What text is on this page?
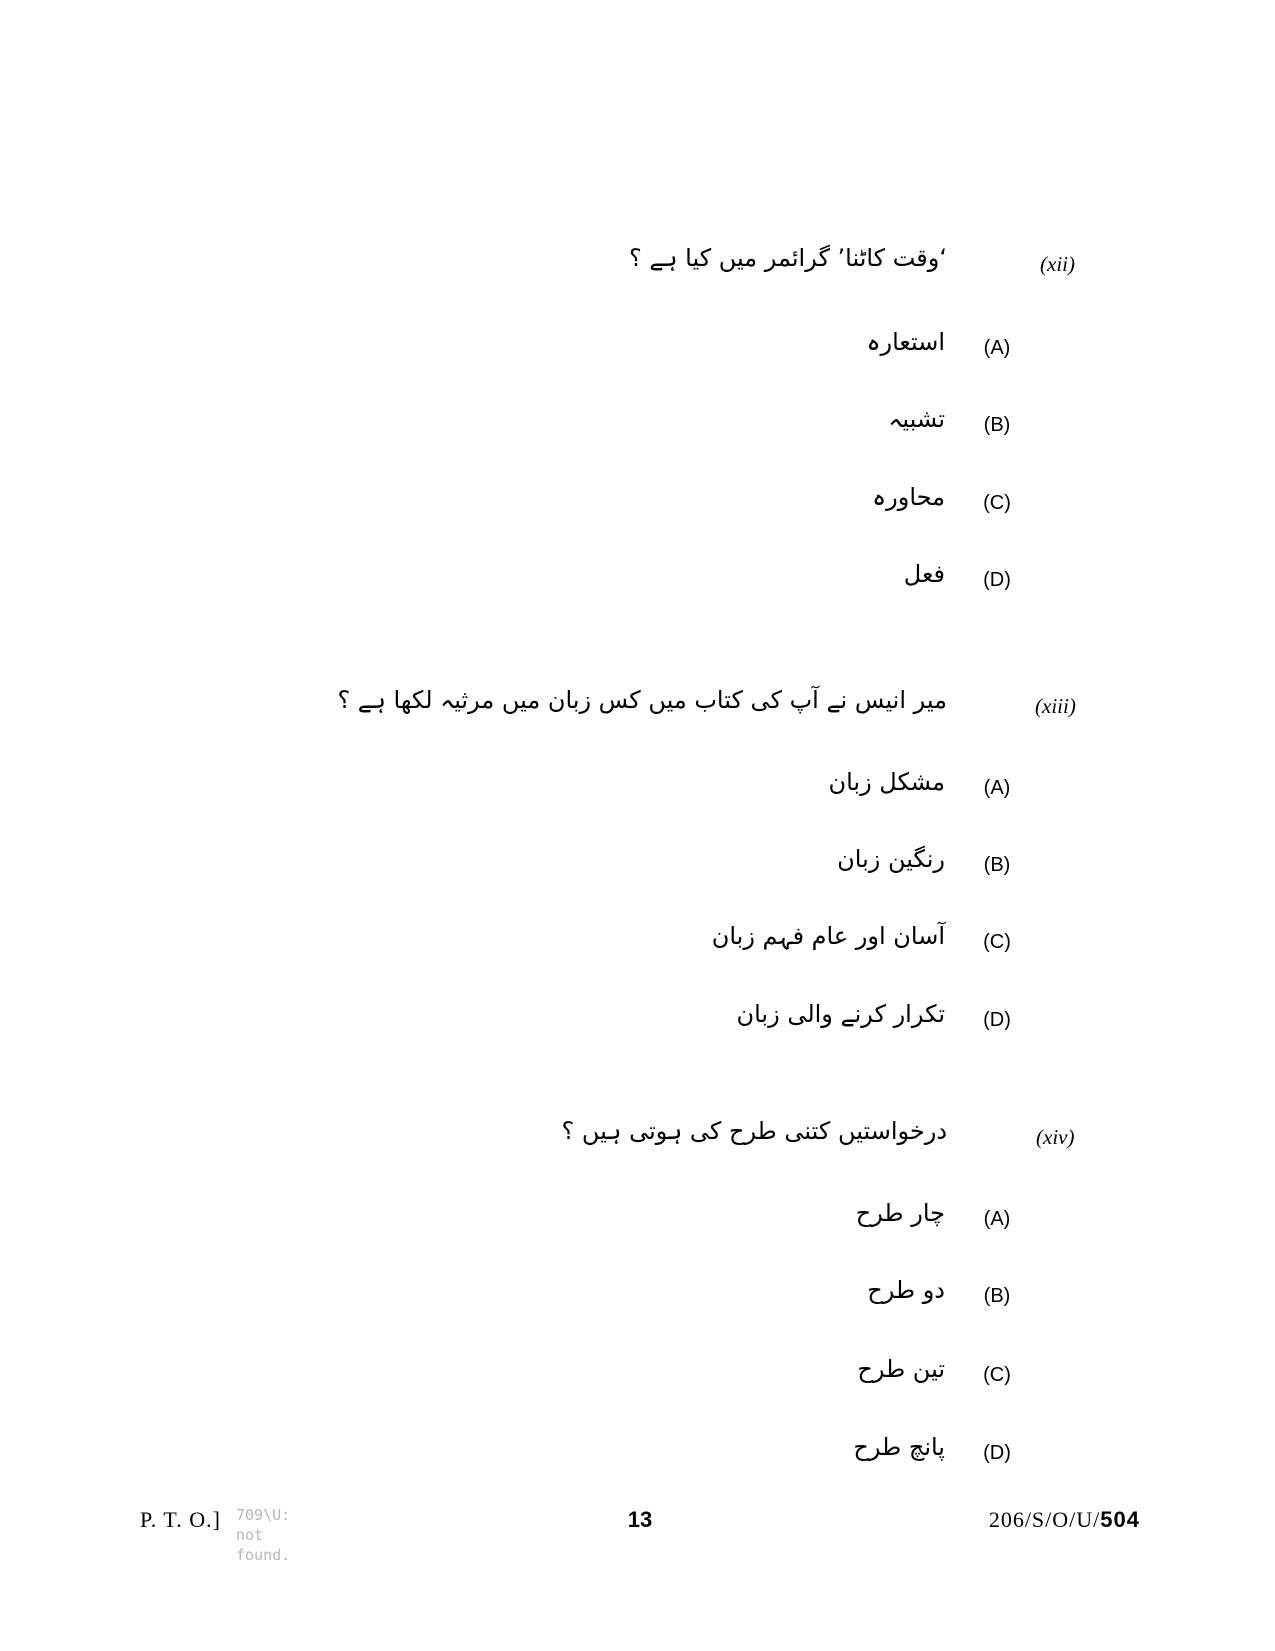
(xii)
‘وقت کاٹنا’ گرائمر میں کیا ہے ؟
(A)
استعارہ
(B)
تشبیہ
(C)
محاورہ
(D)
فعل
(xiii)
میر انیس نے آپ کی کتاب میں کس زبان میں مرثیہ لکھا ہے ؟
(A)
مشکل زبان
(B)
رنگین زبان
(C)
آسان اور عام فہم زبان
(D)
تکرار کرنے والی زبان
(xiv)
درخواستیں کتنی طرح کی ہوتی ہیں ؟
(A)
چار طرح
(B)
دو طرح
(C)
تین طرح
(D)
پانچ طرح
P. T. O.] 709\U:
not
found.
13	206/S/O/U/504
